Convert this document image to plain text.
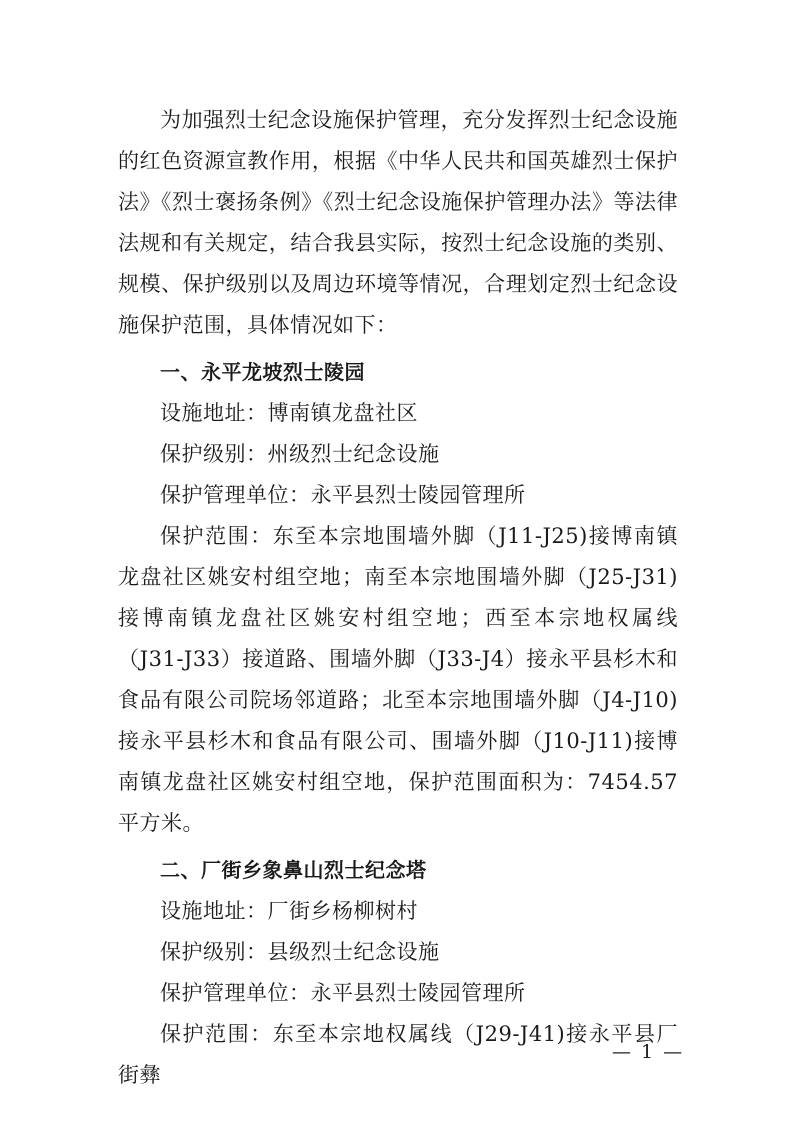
为加强烈士纪念设施保护管理，充分发挥烈士纪念设施的红色资源宣教作用，根据《中华人民共和国英雄烈士保护法》《烈士褒扬条例》《烈士纪念设施保护管理办法》等法律法规和有关规定，结合我县实际，按烈士纪念设施的类别、规模、保护级别以及周边环境等情况，合理划定烈士纪念设施保护范围，具体情况如下：

一、永平龙坡烈士陵园

设施地址：博南镇龙盘社区

保护级别：州级烈士纪念设施

保护管理单位：永平县烈士陵园管理所

保护范围：东至本宗地围墙外脚（J11-J25)接博南镇龙盘社区姚安村组空地；南至本宗地围墙外脚（J25-J31)接博南镇龙盘社区姚安村组空地；西至本宗地权属线（J31-J33）接道路、围墙外脚（J33-J4）接永平县杉木和食品有限公司院场邻道路；北至本宗地围墙外脚（J4-J10)接永平县杉木和食品有限公司、围墙外脚（J10-J11)接博南镇龙盘社区姚安村组空地，保护范围面积为：7454.57 平方米。

二、厂街乡象鼻山烈士纪念塔

设施地址：厂街乡杨柳树村

保护级别：县级烈士纪念设施

保护管理单位：永平县烈士陵园管理所

保护范围：东至本宗地权属线（J29-J41)接永平县厂街彝

— 1 —
